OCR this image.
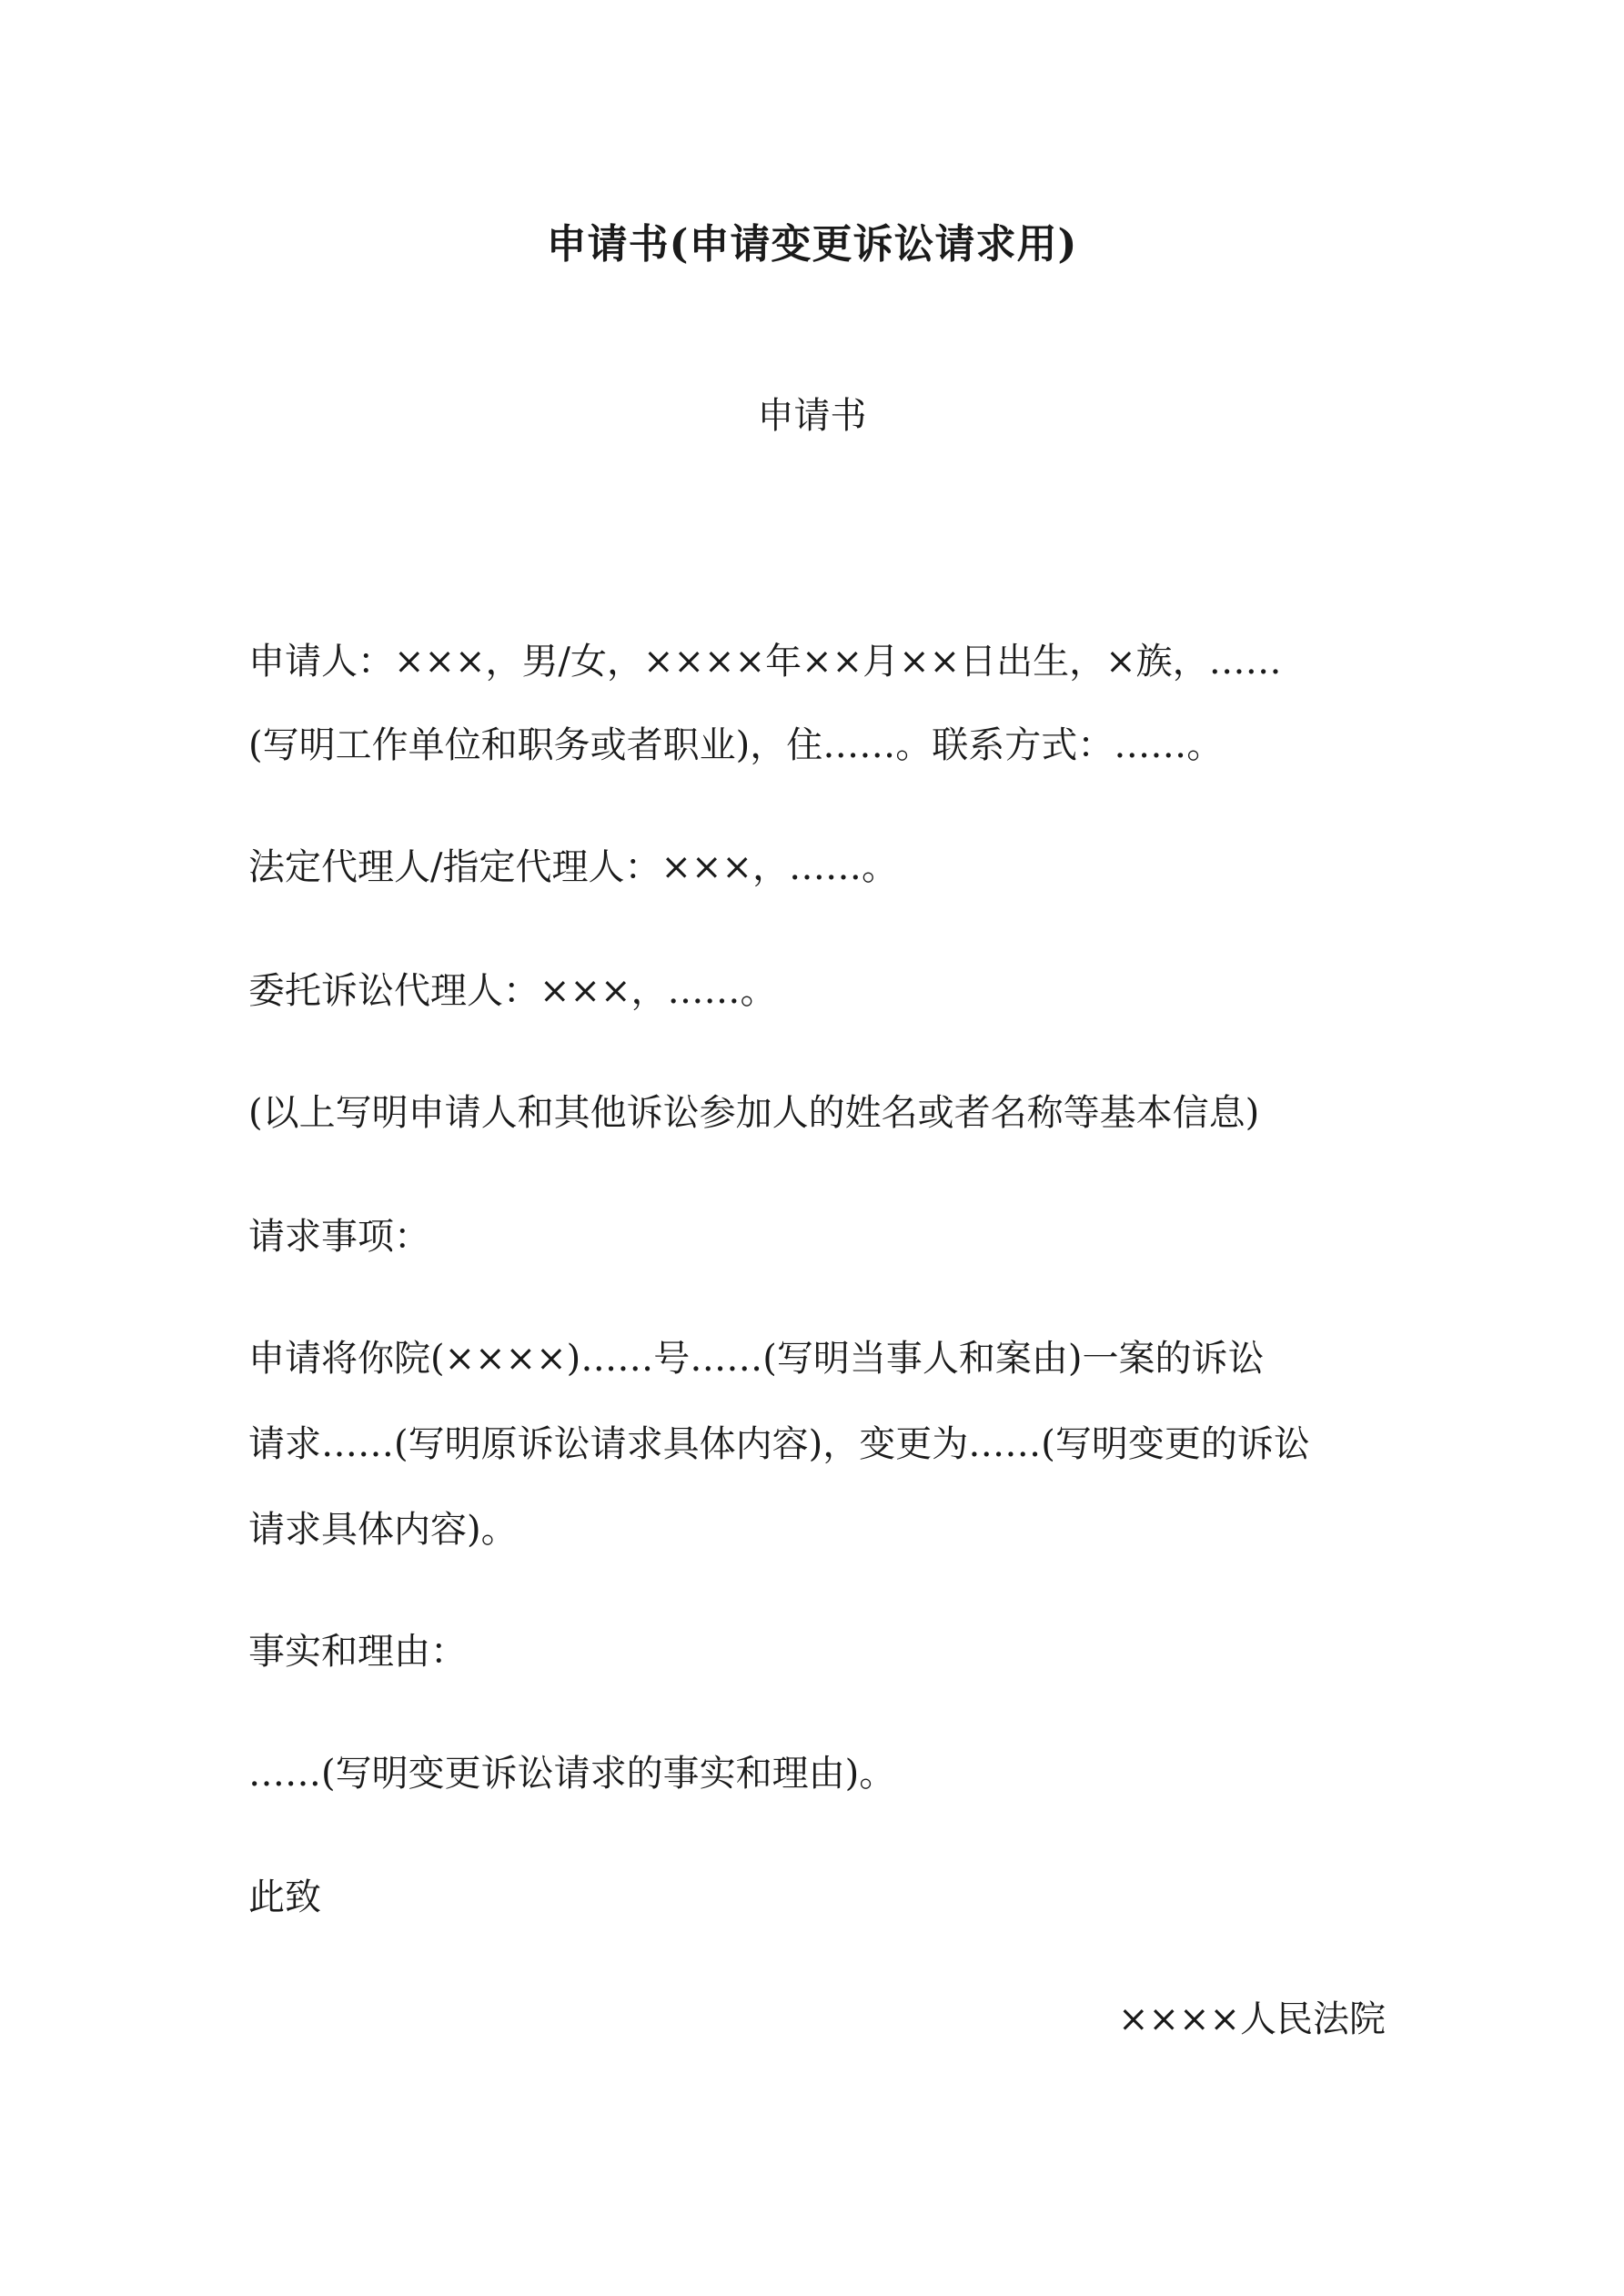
申请书(申请变更诉讼请求用)
申请书
申请人：×××，男/女，××××年××月××日出生，×族，……
(写明工作单位和职务或者职业)，住……。联系方式：……。
法定代理人/指定代理人：×××，……。
委托诉讼代理人：×××，……。
(以上写明申请人和其他诉讼参加人的姓名或者名称等基本信息)
请求事项：
申请将你院(××××)……号……(写明当事人和案由)一案的诉讼
请求……(写明原诉讼请求具体内容)，变更为……(写明变更的诉讼
请求具体内容)。
事实和理由：
……(写明变更诉讼请求的事实和理由)。
此致
××××人民法院
